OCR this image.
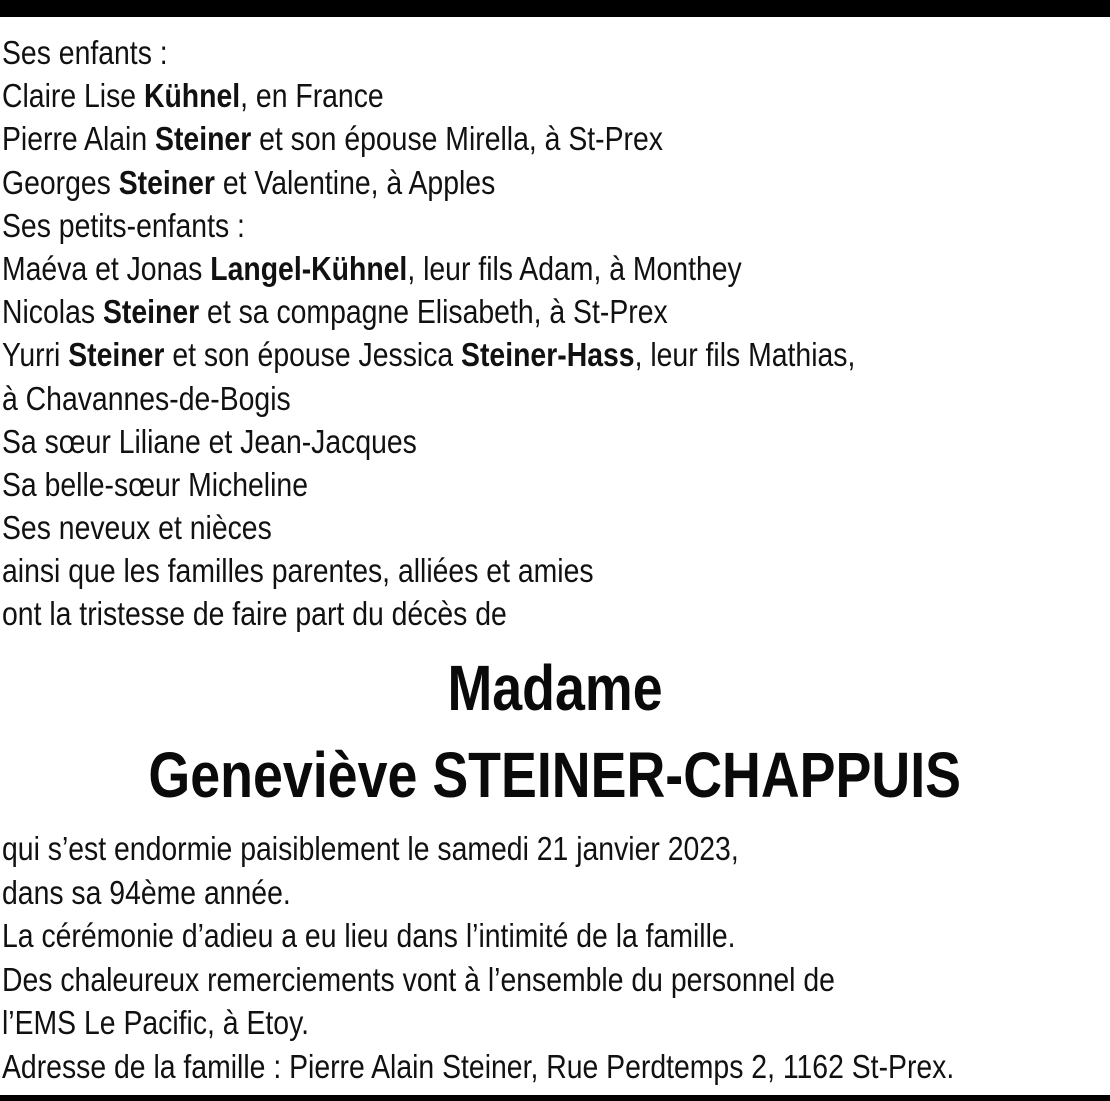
Ses enfants :
Claire Lise Kühnel, en France
Pierre Alain Steiner et son épouse Mirella, à St-Prex
Georges Steiner et Valentine, à Apples
Ses petits-enfants :
Maéva et Jonas Langel-Kühnel, leur fils Adam, à Monthey
Nicolas Steiner et sa compagne Elisabeth, à St-Prex
Yurri Steiner et son épouse Jessica Steiner-Hass, leur fils Mathias,
à Chavannes-de-Bogis
Sa sœur Liliane et Jean-Jacques
Sa belle-sœur Micheline
Ses neveux et nièces
ainsi que les familles parentes, alliées et amies
ont la tristesse de faire part du décès de
Madame
Geneviève STEINER-CHAPPUIS
qui s’est endormie paisiblement le samedi 21 janvier 2023,
dans sa 94ème année.
La cérémonie d’adieu a eu lieu dans l’intimité de la famille.
Des chaleureux remerciements vont à l’ensemble du personnel de
l’EMS Le Pacific, à Etoy.
Adresse de la famille : Pierre Alain Steiner, Rue Perdtemps 2, 1162 St-Prex.
